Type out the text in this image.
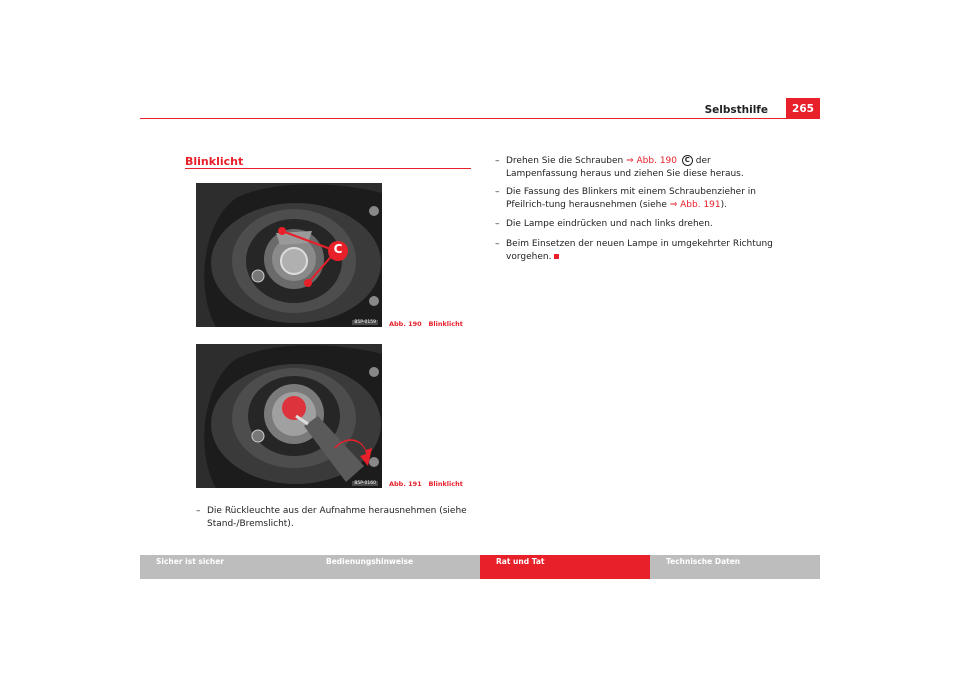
Selbsthilfe	265
Blinklicht
C
B5P-0159	Abb. 190 Blinklicht
B5P-0160	Abb. 191 Blinklicht
– Die Rückleuchte aus der Aufnahme herausnehmen (siehe Stand-/Bremslicht).
– Drehen Sie die Schrauben ⇒ Abb. 190 C der Lampenfassung heraus und ziehen Sie diese heraus.
– Die Fassung des Blinkers mit einem Schraubenzieher in Pfeilrich-tung herausnehmen (siehe ⇒ Abb. 191).
– Die Lampe eindrücken und nach links drehen.
– Beim Einsetzen der neuen Lampe in umgekehrter Richtung vorgehen.
Sicher ist sicher	Bedienungshinweise	Rat und Tat	Technische Daten
